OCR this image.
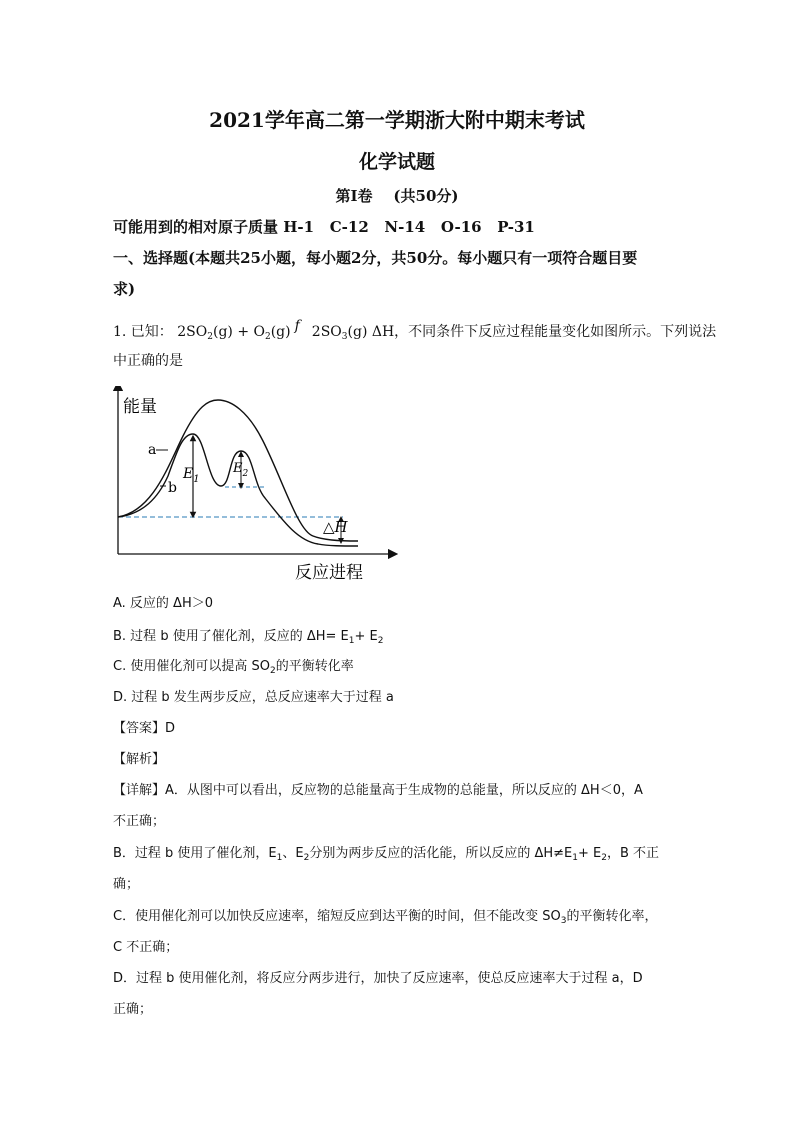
2021学年高二第一学期浙大附中期末考试
化学试题
第I卷    (共50分)
可能用到的相对原子质量 H-1   C-12   N-14   O-16   P-31
一、选择题(本题共25小题，每小题2分，共50分。每小题只有一项符合题目要
求)
1. 已知： $2SO_2(g) + O_2(g)$ f $2SO_3(g)$ ΔH，不同条件下反应过程能量变化如图所示。下列说法
中正确的是
能量
反应进程
a
b
$E_1$
$E_2$
△H
A. 反应的 ΔH＞0
B. 过程 b 使用了催化剂，反应的 $\Delta H= E_1+ E_2$
C. 使用催化剂可以提高 $SO_2$的平衡转化率
D. 过程 b 发生两步反应，总反应速率大于过程 a
【答案】D
【解析】
【详解】A．从图中可以看出，反应物的总能量高于生成物的总能量，所以反应的 ΔH＜0，A
不正确；
B．过程 b 使用了催化剂，$E_1$、$E_2$分别为两步反应的活化能，所以反应的 $\Delta H\ne E_1+ E_2$，B 不正
确；
C．使用催化剂可以加快反应速率，缩短反应到达平衡的时间，但不能改变 $SO_3$的平衡转化率，
C 不正确；
D．过程 b 使用催化剂，将反应分两步进行，加快了反应速率，使总反应速率大于过程 a，D
正确；
